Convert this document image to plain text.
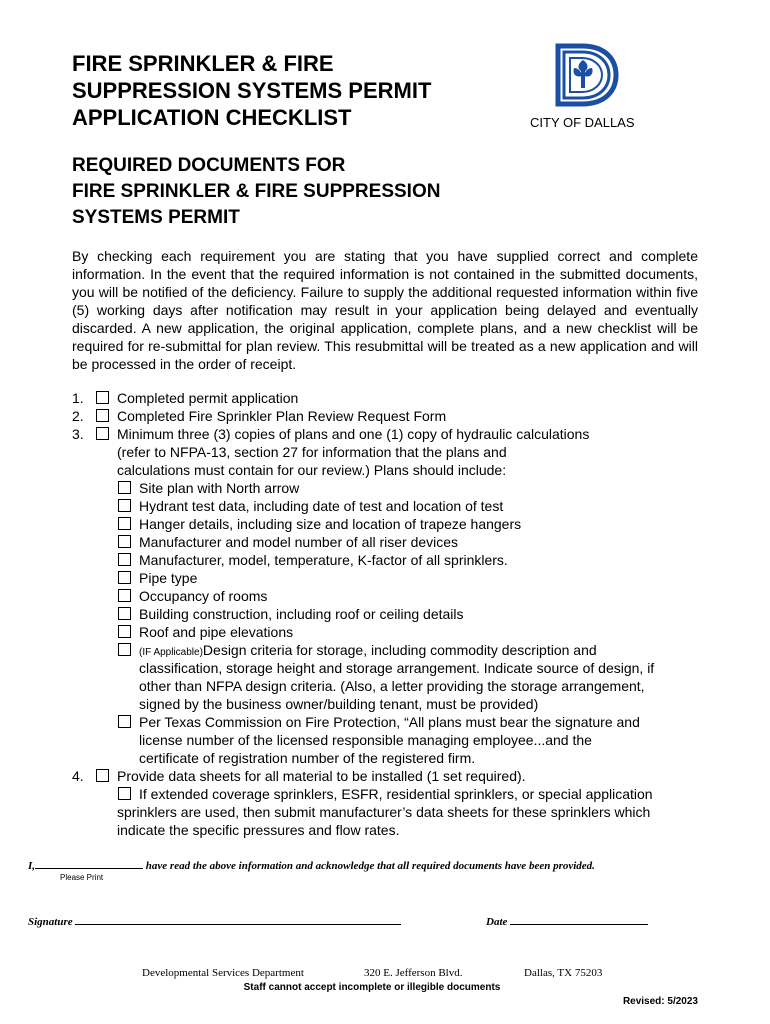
FIRE SPRINKLER & FIRE
SUPPRESSION SYSTEMS PERMIT
APPLICATION CHECKLIST	CITY OF DALLAS
REQUIRED DOCUMENTS FOR
FIRE SPRINKLER & FIRE SUPPRESSION
SYSTEMS PERMIT

By checking each requirement you are stating that you have supplied correct and complete information. In the event that the required information is not contained in the submitted documents, you will be notified of the deficiency. Failure to supply the additional requested information within five (5) working days after notification may result in your application being delayed and eventually discarded. A new application, the original application, complete plans, and a new checklist will be required for re-submittal for plan review. This resubmittal will be treated as a new application and will be processed in the order of receipt.

1.	Completed permit application
2.	Completed Fire Sprinkler Plan Review Request Form
3.	Minimum three (3) copies of plans and one (1) copy of hydraulic calculations
(refer to NFPA-13, section 27 for information that the plans and
calculations must contain for our review.) Plans should include:
Site plan with North arrow
Hydrant test data, including date of test and location of test
Hanger details, including size and location of trapeze hangers
Manufacturer and model number of all riser devices
Manufacturer, model, temperature, K-factor of all sprinklers.
Pipe type
Occupancy of rooms
Building construction, including roof or ceiling details
Roof and pipe elevations
(IF Applicable)Design criteria for storage, including commodity description and
classification, storage height and storage arrangement. Indicate source of design, if
other than NFPA design criteria. (Also, a letter providing the storage arrangement,
signed by the business owner/building tenant, must be provided)
Per Texas Commission on Fire Protection, “All plans must bear the signature and
license number of the licensed responsible managing employee...and the
certificate of registration number of the registered firm.
4.	Provide data sheets for all material to be installed (1 set required).
If extended coverage sprinklers, ESFR, residential sprinklers, or special application
sprinklers are used, then submit manufacturer’s data sheets for these sprinklers which
indicate the specific pressures and flow rates.
I,	have read the above information and acknowledge that all required documents have been provided.
Please Print
Signature	Date
Developmental Services Department	320 E. Jefferson Blvd.	Dallas, TX 75203
Staff cannot accept incomplete or illegible documents
Revised: 5/2023
